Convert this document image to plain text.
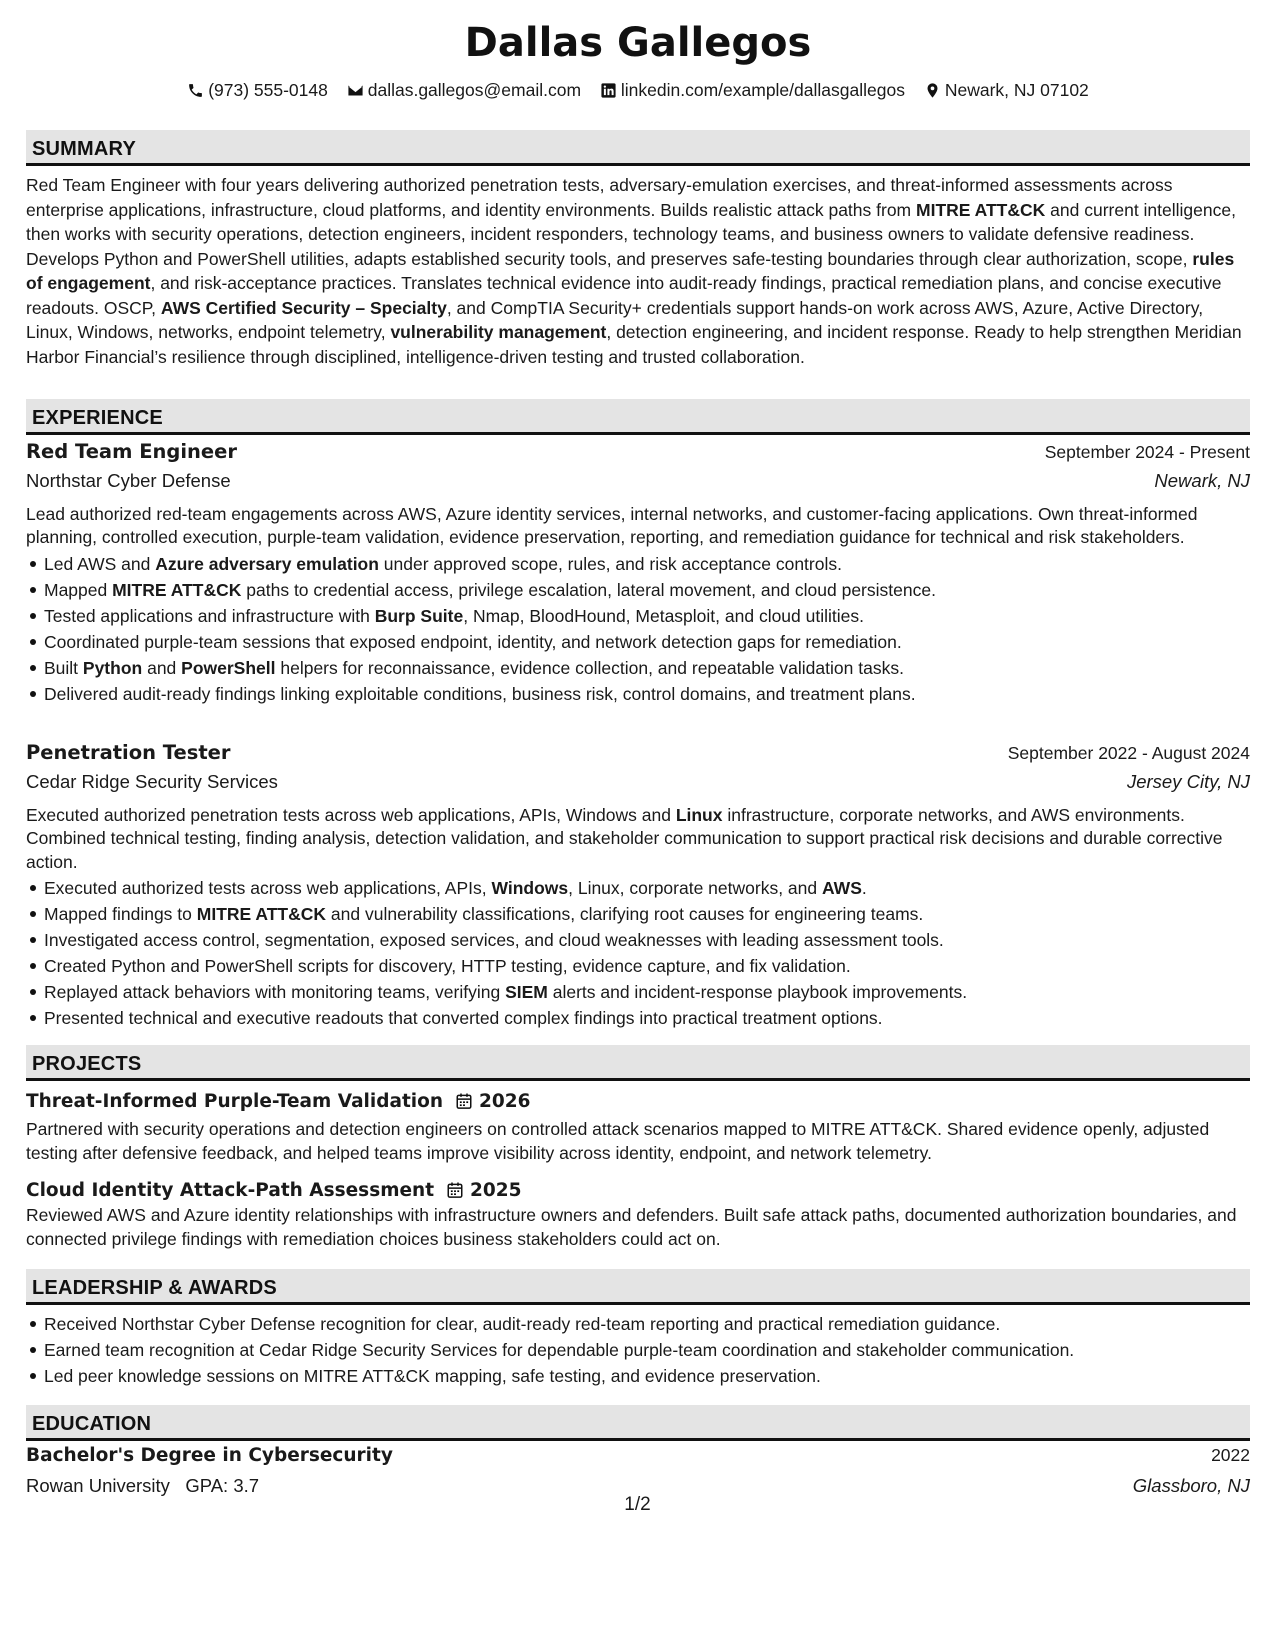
Dallas Gallegos
(973) 555-0148
dallas.gallegos@email.com
linkedin.com/example/dallasgallegos
Newark, NJ 07102
SUMMARY

Red Team Engineer with four years delivering authorized penetration tests, adversary-emulation exercises, and threat-informed assessments across enterprise applications, infrastructure, cloud platforms, and identity environments. Builds realistic attack paths from MITRE ATT&CK and current intelligence, then works with security operations, detection engineers, incident responders, technology teams, and business owners to validate defensive readiness. Develops Python and PowerShell utilities, adapts established security tools, and preserves safe-testing boundaries through clear authorization, scope, rules of engagement, and risk-acceptance practices. Translates technical evidence into audit-ready findings, practical remediation plans, and concise executive readouts. OSCP, AWS Certified Security – Specialty, and CompTIA Security+ credentials support hands-on work across AWS, Azure, Active Directory, Linux, Windows, networks, endpoint telemetry, vulnerability management, detection engineering, and incident response. Ready to help strengthen Meridian Harbor Financial’s resilience through disciplined, intelligence-driven testing and trusted collaboration.

EXPERIENCE
Red Team Engineer	September 2024 - Present
Northstar Cyber Defense	Newark, NJ

Lead authorized red-team engagements across AWS, Azure identity services, internal networks, and customer-facing applications. Own threat-informed planning, controlled execution, purple-team validation, evidence preservation, reporting, and remediation guidance for technical and risk stakeholders.

Led AWS and Azure adversary emulation under approved scope, rules, and risk acceptance controls.
Mapped MITRE ATT&CK paths to credential access, privilege escalation, lateral movement, and cloud persistence.
Tested applications and infrastructure with Burp Suite, Nmap, BloodHound, Metasploit, and cloud utilities.
Coordinated purple-team sessions that exposed endpoint, identity, and network detection gaps for remediation.
Built Python and PowerShell helpers for reconnaissance, evidence collection, and repeatable validation tasks.
Delivered audit-ready findings linking exploitable conditions, business risk, control domains, and treatment plans.
Penetration Tester	September 2022 - August 2024
Cedar Ridge Security Services	Jersey City, NJ

Executed authorized penetration tests across web applications, APIs, Windows and Linux infrastructure, corporate networks, and AWS environments. Combined technical testing, finding analysis, detection validation, and stakeholder communication to support practical risk decisions and durable corrective action.

Executed authorized tests across web applications, APIs, Windows, Linux, corporate networks, and AWS.
Mapped findings to MITRE ATT&CK and vulnerability classifications, clarifying root causes for engineering teams.
Investigated access control, segmentation, exposed services, and cloud weaknesses with leading assessment tools.
Created Python and PowerShell scripts for discovery, HTTP testing, evidence capture, and fix validation.
Replayed attack behaviors with monitoring teams, verifying SIEM alerts and incident-response playbook improvements.
Presented technical and executive readouts that converted complex findings into practical treatment options.
PROJECTS
Threat-Informed Purple-Team Validation 2026

Partnered with security operations and detection engineers on controlled attack scenarios mapped to MITRE ATT&CK. Shared evidence openly, adjusted testing after defensive feedback, and helped teams improve visibility across identity, endpoint, and network telemetry.

Cloud Identity Attack-Path Assessment 2025

Reviewed AWS and Azure identity relationships with infrastructure owners and defenders. Built safe attack paths, documented authorization boundaries, and connected privilege findings with remediation choices business stakeholders could act on.

LEADERSHIP & AWARDS
Received Northstar Cyber Defense recognition for clear, audit-ready red-team reporting and practical remediation guidance.
Earned team recognition at Cedar Ridge Security Services for dependable purple-team coordination and stakeholder communication.
Led peer knowledge sessions on MITRE ATT&CK mapping, safe testing, and evidence preservation.
EDUCATION
Bachelor's Degree in Cybersecurity	2022
Rowan University GPA: 3.7	Glassboro, NJ
1/2
